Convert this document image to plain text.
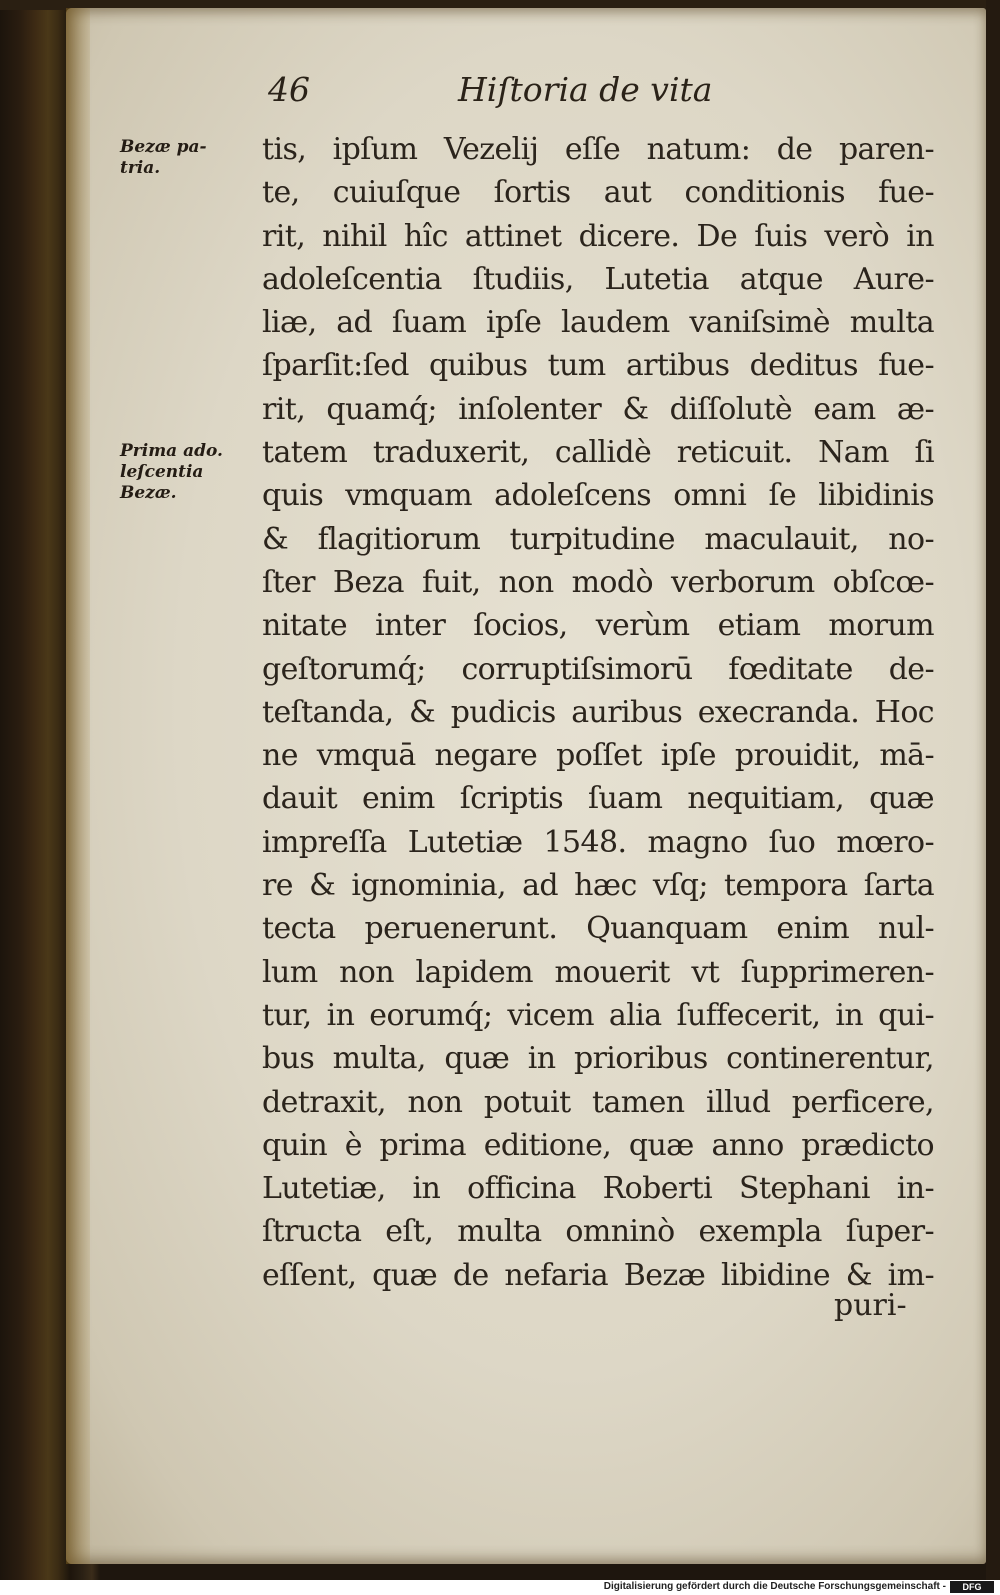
46	Hiſtoria de vita
Bezæ pa-
tria.
Prima ado.
leſcentia
Bezæ.
tis, ipſum Vezelij eſſe natum: de paren-
te, cuiuſque ſortis aut conditionis fue-
rit, nihil hîc attinet dicere. De ſuis verò in
adoleſcentia ſtudiis, Lutetia atque Aure-
liæ, ad ſuam ipſe laudem vaniſsimè multa
ſparſit:ſed quibus tum artibus deditus fue-
rit, quamq́; inſolenter & diſſolutè eam æ-
tatem traduxerit, callidè reticuit. Nam ſi
quis vmquam adoleſcens omni ſe libidinis
& flagitiorum turpitudine maculauit, no-
ſter Beza fuit, non modò verborum obſcœ-
nitate inter ſocios, verùm etiam morum
geſtorumq́; corruptiſsimorū fœditate de-
teſtanda, & pudicis auribus execranda. Hoc
ne vmquā negare poſſet ipſe prouidit, mā-
dauit enim ſcriptis ſuam nequitiam, quæ
impreſſa Lutetiæ 1548. magno ſuo mœro-
re & ignominia, ad hæc vſq; tempora ſarta
tecta peruenerunt. Quanquam enim nul-
lum non lapidem mouerit vt ſupprimeren-
tur, in eorumq́; vicem alia ſuffecerit, in qui-
bus multa, quæ in prioribus continerentur,
detraxit, non potuit tamen illud perficere,
quin è prima editione, quæ anno prædicto
Lutetiæ, in officina Roberti Stephani in-
ſtructa eſt, multa omninò exempla ſuper-
eſſent, quæ de nefaria Bezæ libidine & im-
puri-
Digitalisierung gefördert durch die Deutsche Forschungsgemeinschaft -	DFG
